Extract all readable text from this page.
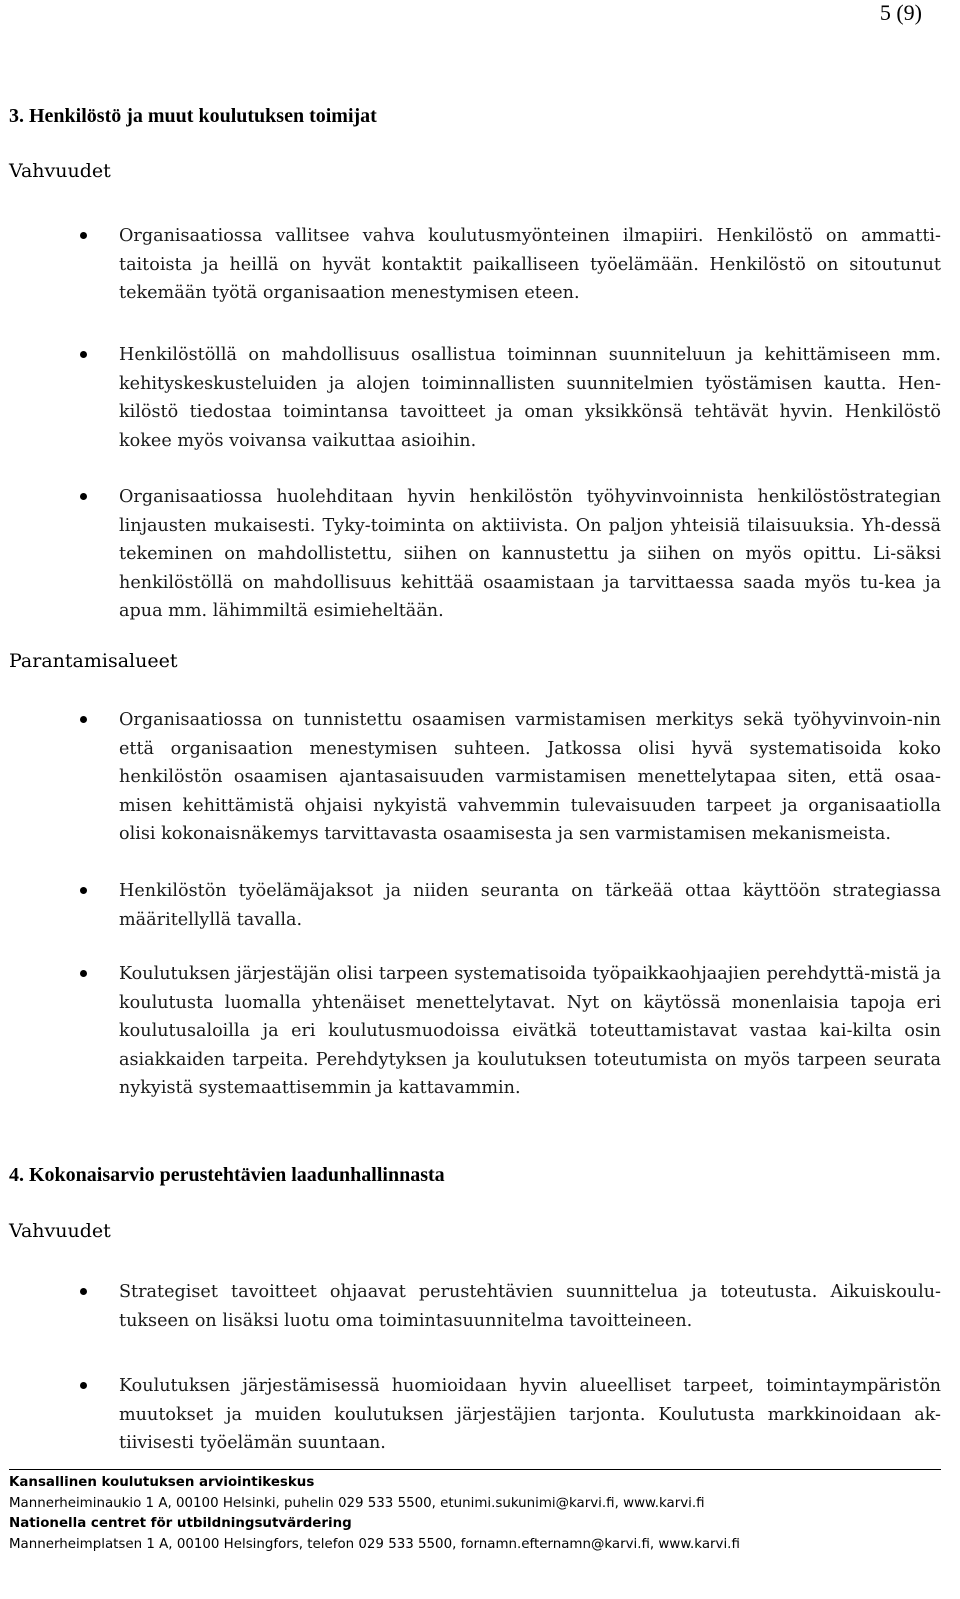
5 (9)
3. Henkilöstö ja muut koulutuksen toimijat
Vahvuudet
Organisaatiossa vallitsee vahva koulutusmyönteinen ilmapiiri. Henkilöstö on ammatti-taitoista ja heillä on hyvät kontaktit paikalliseen työelämään. Henkilöstö on sitoutunut tekemään työtä organisaation menestymisen eteen.
Henkilöstöllä on mahdollisuus osallistua toiminnan suunniteluun ja kehittämiseen mm. kehityskeskusteluiden ja alojen toiminnallisten suunnitelmien työstämisen kautta. Hen-kilöstö tiedostaa toimintansa tavoitteet ja oman yksikkönsä tehtävät hyvin. Henkilöstö kokee myös voivansa vaikuttaa asioihin.
Organisaatiossa huolehditaan hyvin henkilöstön työhyvinvoinnista henkilöstöstrategian linjausten mukaisesti. Tyky-toiminta on aktiivista. On paljon yhteisiä tilaisuuksia. Yh-dessä tekeminen on mahdollistettu, siihen on kannustettu ja siihen on myös opittu. Li-säksi henkilöstöllä on mahdollisuus kehittää osaamistaan ja tarvittaessa saada myös tu-kea ja apua mm. lähimmiltä esimieheltään.
Parantamisalueet
Organisaatiossa on tunnistettu osaamisen varmistamisen merkitys sekä työhyvinvoin-nin että organisaation menestymisen suhteen. Jatkossa olisi hyvä systematisoida koko henkilöstön osaamisen ajantasaisuuden varmistamisen menettelytapaa siten, että osaa-misen kehittämistä ohjaisi nykyistä vahvemmin tulevaisuuden tarpeet ja organisaatiolla olisi kokonaisnäkemys tarvittavasta osaamisesta ja sen varmistamisen mekanismeista.
Henkilöstön työelämäjaksot ja niiden seuranta on tärkeää ottaa käyttöön strategiassa määritellyllä tavalla.
Koulutuksen järjestäjän olisi tarpeen systematisoida työpaikkaohjaajien perehdyttä-mistä ja koulutusta luomalla yhtenäiset menettelytavat. Nyt on käytössä monenlaisia tapoja eri koulutusaloilla ja eri koulutusmuodoissa eivätkä toteuttamistavat vastaa kai-kilta osin asiakkaiden tarpeita. Perehdytyksen ja koulutuksen toteutumista on myös tarpeen seurata nykyistä systemaattisemmin ja kattavammin.
4. Kokonaisarvio perustehtävien laadunhallinnasta
Vahvuudet
Strategiset tavoitteet ohjaavat perustehtävien suunnittelua ja toteutusta. Aikuiskoulu-tukseen on lisäksi luotu oma toimintasuunnitelma tavoitteineen.
Koulutuksen järjestämisessä huomioidaan hyvin alueelliset tarpeet, toimintaympäristön muutokset ja muiden koulutuksen järjestäjien tarjonta. Koulutusta markkinoidaan ak-tiivisesti työelämän suuntaan.
Kansallinen koulutuksen arviointikeskus
Mannerheiminaukio 1 A, 00100 Helsinki, puhelin 029 533 5500, etunimi.sukunimi@karvi.fi, www.karvi.fi
Nationella centret för utbildningsutvärdering
Mannerheimplatsen 1 A, 00100 Helsingfors, telefon 029 533 5500, fornamn.efternamn@karvi.fi, www.karvi.fi
